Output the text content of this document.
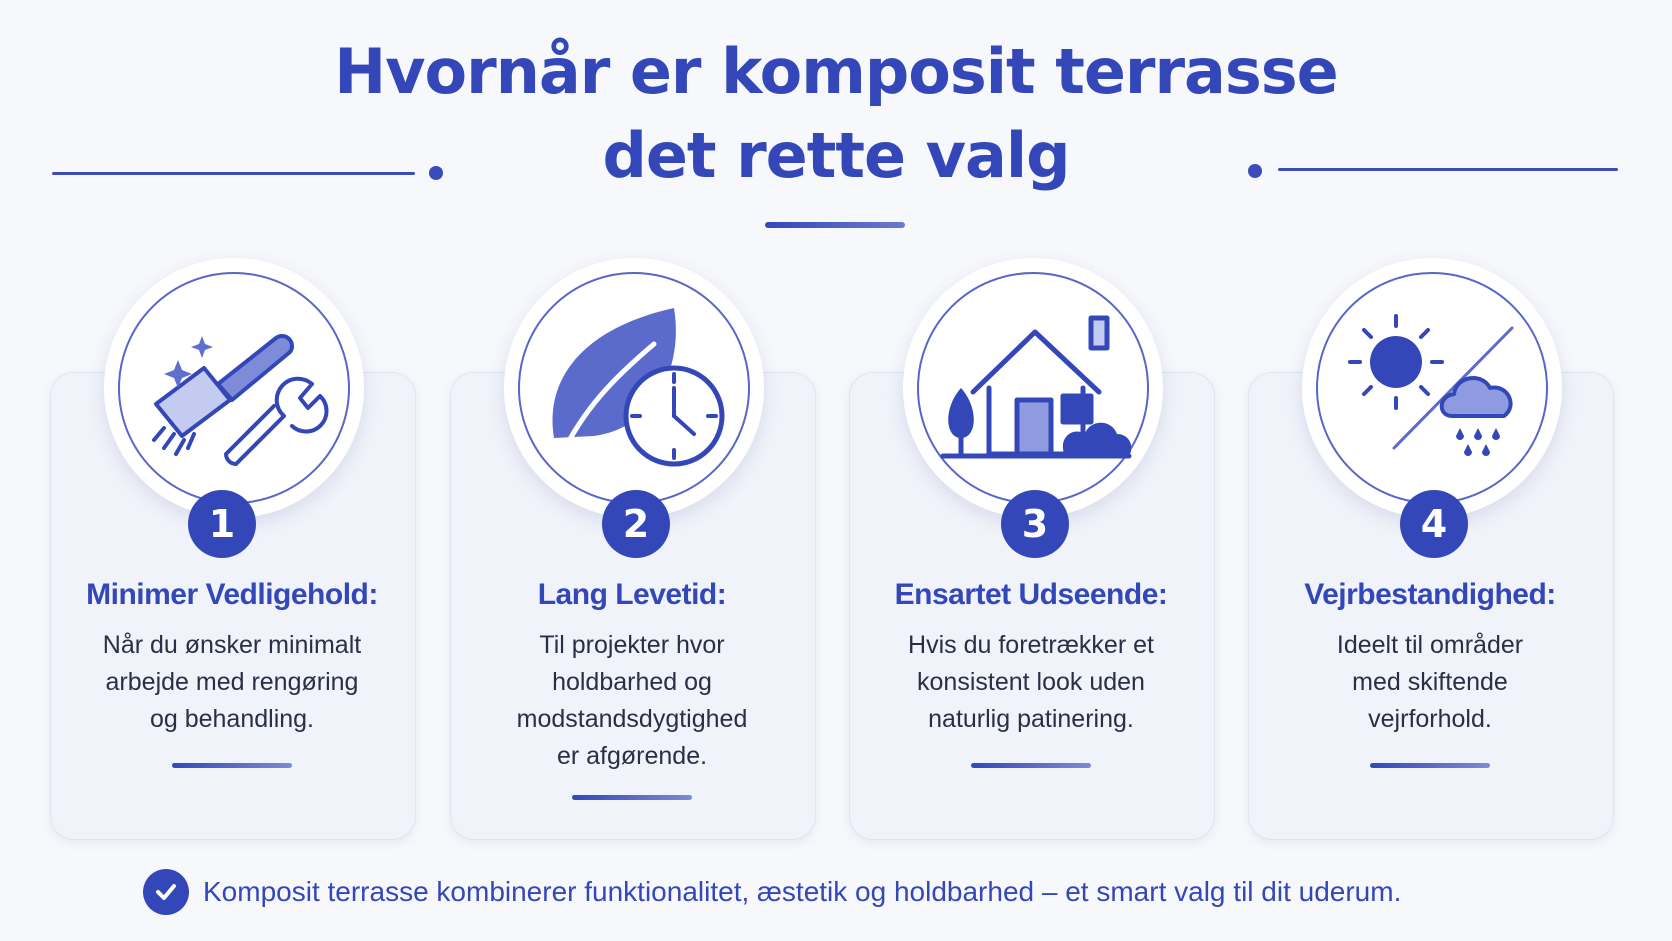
Hvornår er komposit terrasse
det rette valg
1
Minimer Vedligehold:
Når du ønsker minimalt
arbejde med rengøring
og behandling.
2
Lang Levetid:
Til projekter hvor
holdbarhed og
modstandsdygtighed
er afgørende.
3
Ensartet Udseende:
Hvis du foretrækker et
konsistent look uden
naturlig patinering.
4
Vejrbestandighed:
Ideelt til områder
med skiftende
vejrforhold.
Komposit terrasse kombinerer funktionalitet, æstetik og holdbarhed – et smart valg til dit uderum.
